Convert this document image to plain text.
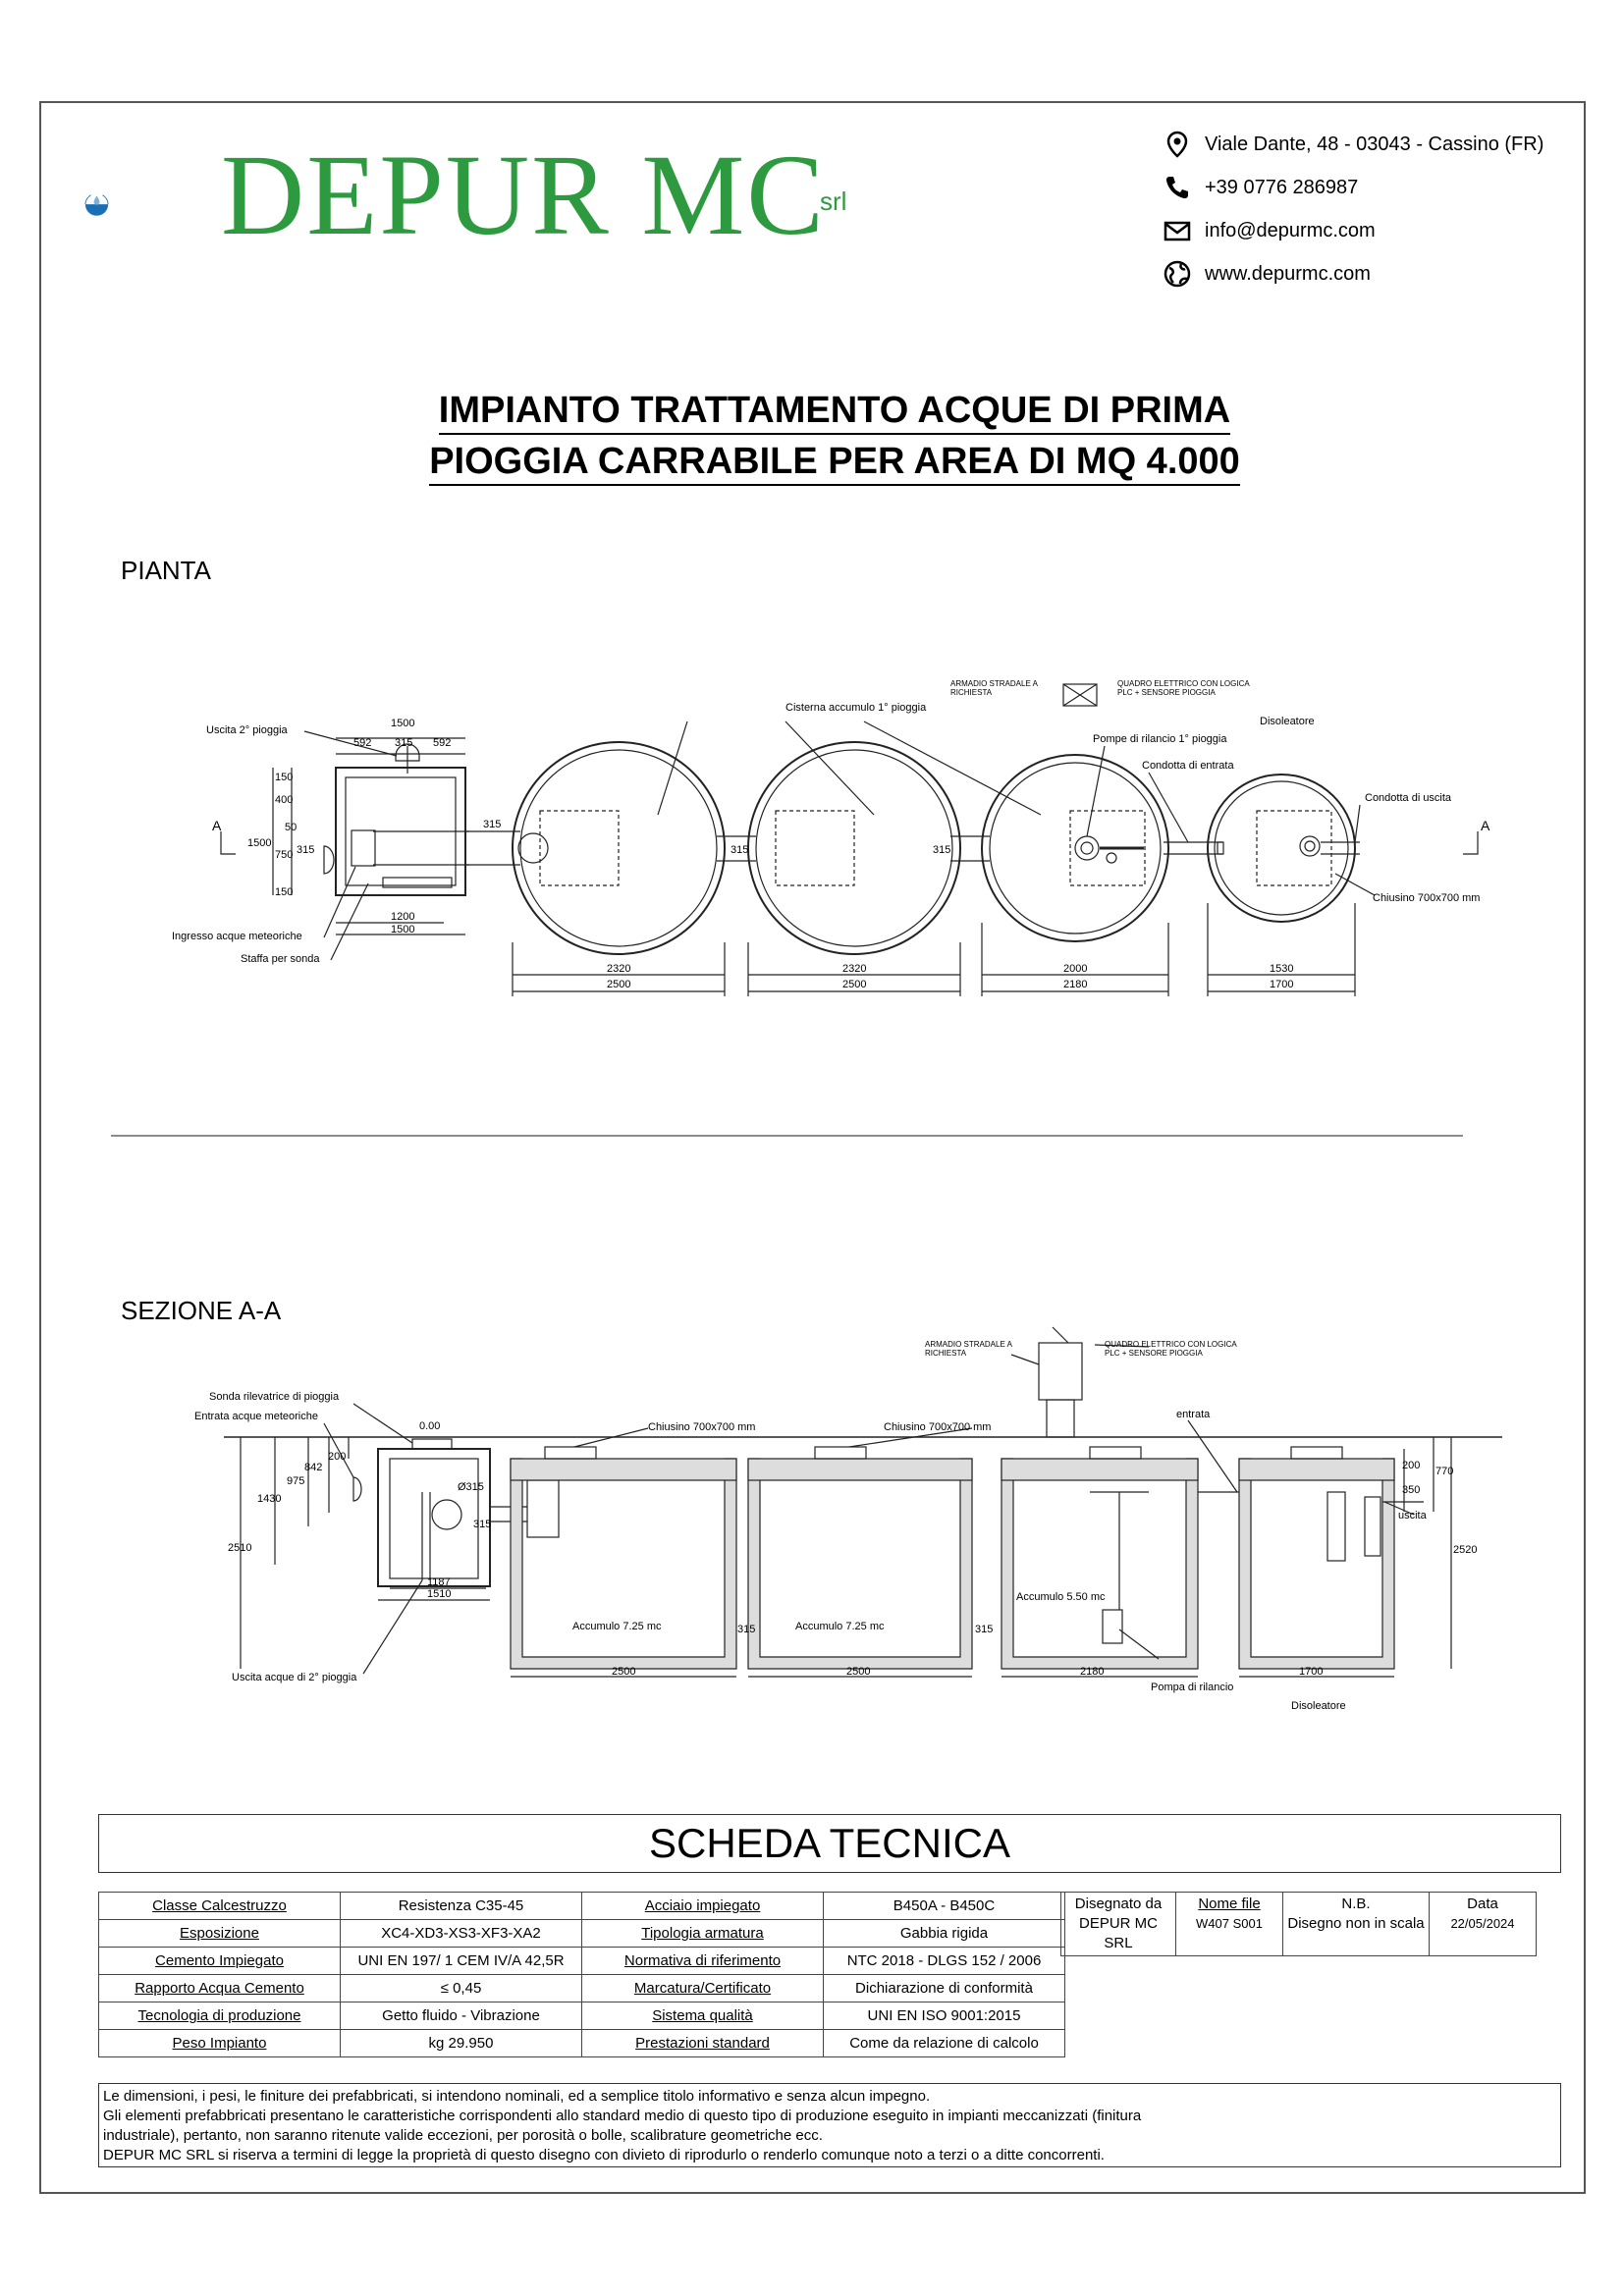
DEPUR MC
srl
Viale Dante, 48 - 03043 - Cassino (FR)
+39 0776 286987
info@depurmc.com
www.depurmc.com
IMPIANTO TRATTAMENTO ACQUE DI PRIMA
PIOGGIA CARRABILE PER AREA DI MQ 4.000
PIANTA
SEZIONE A-A
Uscita 2° pioggia
Ingresso acque meteoriche
Staffa per sonda
Cisterna accumulo 1° pioggia
ARMADIO STRADALE A
RICHIESTA
QUADRO ELETTRICO CON LOGICA
PLC + SENSORE PIOGGIA
Pompe di rilancio 1° pioggia
Condotta di entrata
Disoleatore
Condotta di uscita
Chiusino 700x700 mm
A	A
1500
592 315 592
150
400
50
1500
750 315
150
1200
1500
315
315	315
2320
2500
2320
2500
2000
2180
1530
1700
Sonda rilevatrice di pioggia
Entrata acque meteoriche
Uscita acque di 2° pioggia
Chiusino 700x700 mm	Chiusino 700x700 mm
ARMADIO STRADALE A
RICHIESTA
QUADRO ELETTRICO CON LOGICA
PLC + SENSORE PIOGGIA
entrata
uscita
Pompa di rilancio
Disoleatore
Accumulo 7.25 mc	Accumulo 7.25 mc
Accumulo 5.50 mc
0.00
200
842
975
1430
2510
315
Ø315
1187
1510
2500	2500	2180	1700
315	315
200
350
770
2520
SCHEDA TECNICA
Classe Calcestruzzo	Resistenza C35-45	Acciaio impiegato	B450A - B450C
Esposizione	XC4-XD3-XS3-XF3-XA2	Tipologia armatura	Gabbia rigida
Cemento Impiegato	UNI EN 197/ 1 CEM IV/A 42,5R	Normativa di riferimento	NTC 2018 - DLGS 152 / 2006
Rapporto Acqua Cemento	≤ 0,45	Marcatura/Certificato	Dichiarazione di conformità
Tecnologia di produzione	Getto fluido - Vibrazione	Sistema qualità	UNI EN ISO 9001:2015
Peso Impianto	kg 29.950	Prestazioni standard	Come da relazione di calcolo
Disegnato da
DEPUR MC SRL

Nome file
W407 S001

N.B.
Disegno non in scala

Data
22/05/2024
Le dimensioni, i pesi, le finiture dei prefabbricati, si intendono nominali, ed a semplice titolo informativo e senza alcun impegno.
Gli elementi prefabbricati presentano le caratteristiche corrispondenti allo standard medio di questo tipo di produzione eseguito in impianti meccanizzati (finitura
industriale), pertanto, non saranno ritenute valide eccezioni, per porosità o bolle, scalibrature geometriche ecc.
DEPUR MC SRL si riserva a termini di legge la proprietà di questo disegno con divieto di riprodurlo o renderlo comunque noto a terzi o a ditte concorrenti.
